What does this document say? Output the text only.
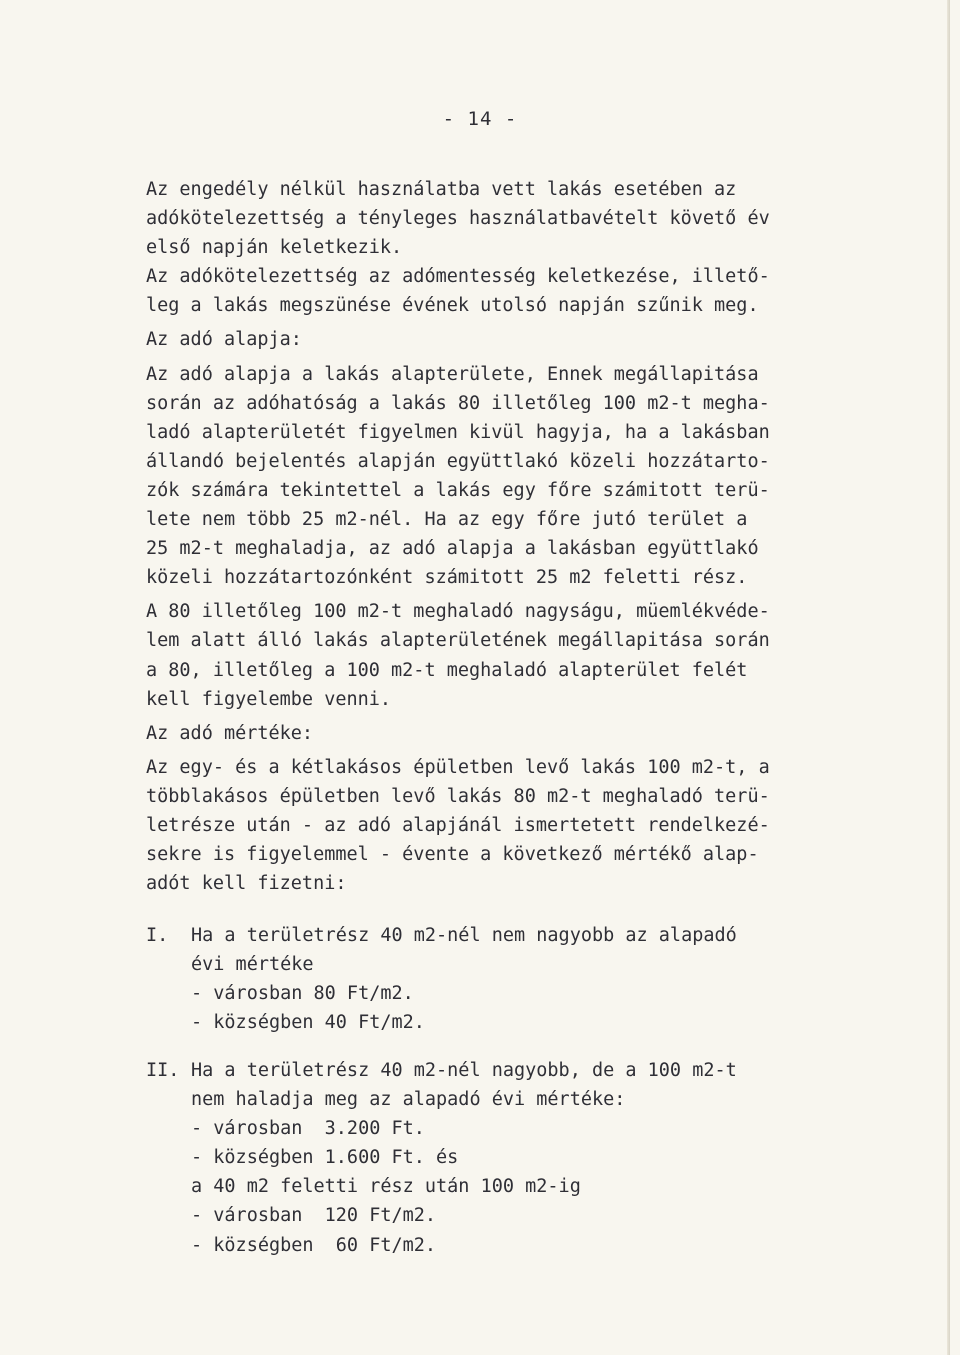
- 14 -
Az engedély nélkül használatba vett lakás esetében az
adókötelezettség a tényleges használatbavételt követő év
első napján keletkezik.
Az adókötelezettség az adómentesség keletkezése, illető-
leg a lakás megszünése évének utolsó napján szűnik meg.
Az adó alapja:
Az adó alapja a lakás alapterülete, Ennek megállapitása
során az adóhatóság a lakás 80 illetőleg 100 m2-t megha-
ladó alapterületét figyelmen kivül hagyja, ha a lakásban
állandó bejelentés alapján együttlakó közeli hozzátarto-
zók számára tekintettel a lakás egy főre számitott terü-
lete nem több 25 m2-nél. Ha az egy főre jutó terület a
25 m2-t meghaladja, az adó alapja a lakásban együttlakó
közeli hozzátartozónként számitott 25 m2 feletti rész.
A 80 illetőleg 100 m2-t meghaladó nagyságu, müemlékvéde-
lem alatt álló lakás alapterületének megállapitása során
a 80, illetőleg a 100 m2-t meghaladó alapterület felét
kell figyelembe venni.
Az adó mértéke:
Az egy- és a kétlakásos épületben levő lakás 100 m2-t, a
többlakásos épületben levő lakás 80 m2-t meghaladó terü-
letrésze után - az adó alapjánál ismertetett rendelkezé-
sekre is figyelemmel - évente a következő mértékő alap-
adót kell fizetni:
I.	Ha a területrész 40 m2-nél nem nagyobb az alapadó
évi mértéke
- városban 80 Ft/m2.
- községben 40 Ft/m2.
II. Ha a területrész 40 m2-nél nagyobb, de a 100 m2-t
nem haladja meg az alapadó évi mértéke:
- városban  3.200 Ft.
- községben 1.600 Ft. és
a 40 m2 feletti rész után 100 m2-ig
- városban  120 Ft/m2.
- községben  60 Ft/m2.
